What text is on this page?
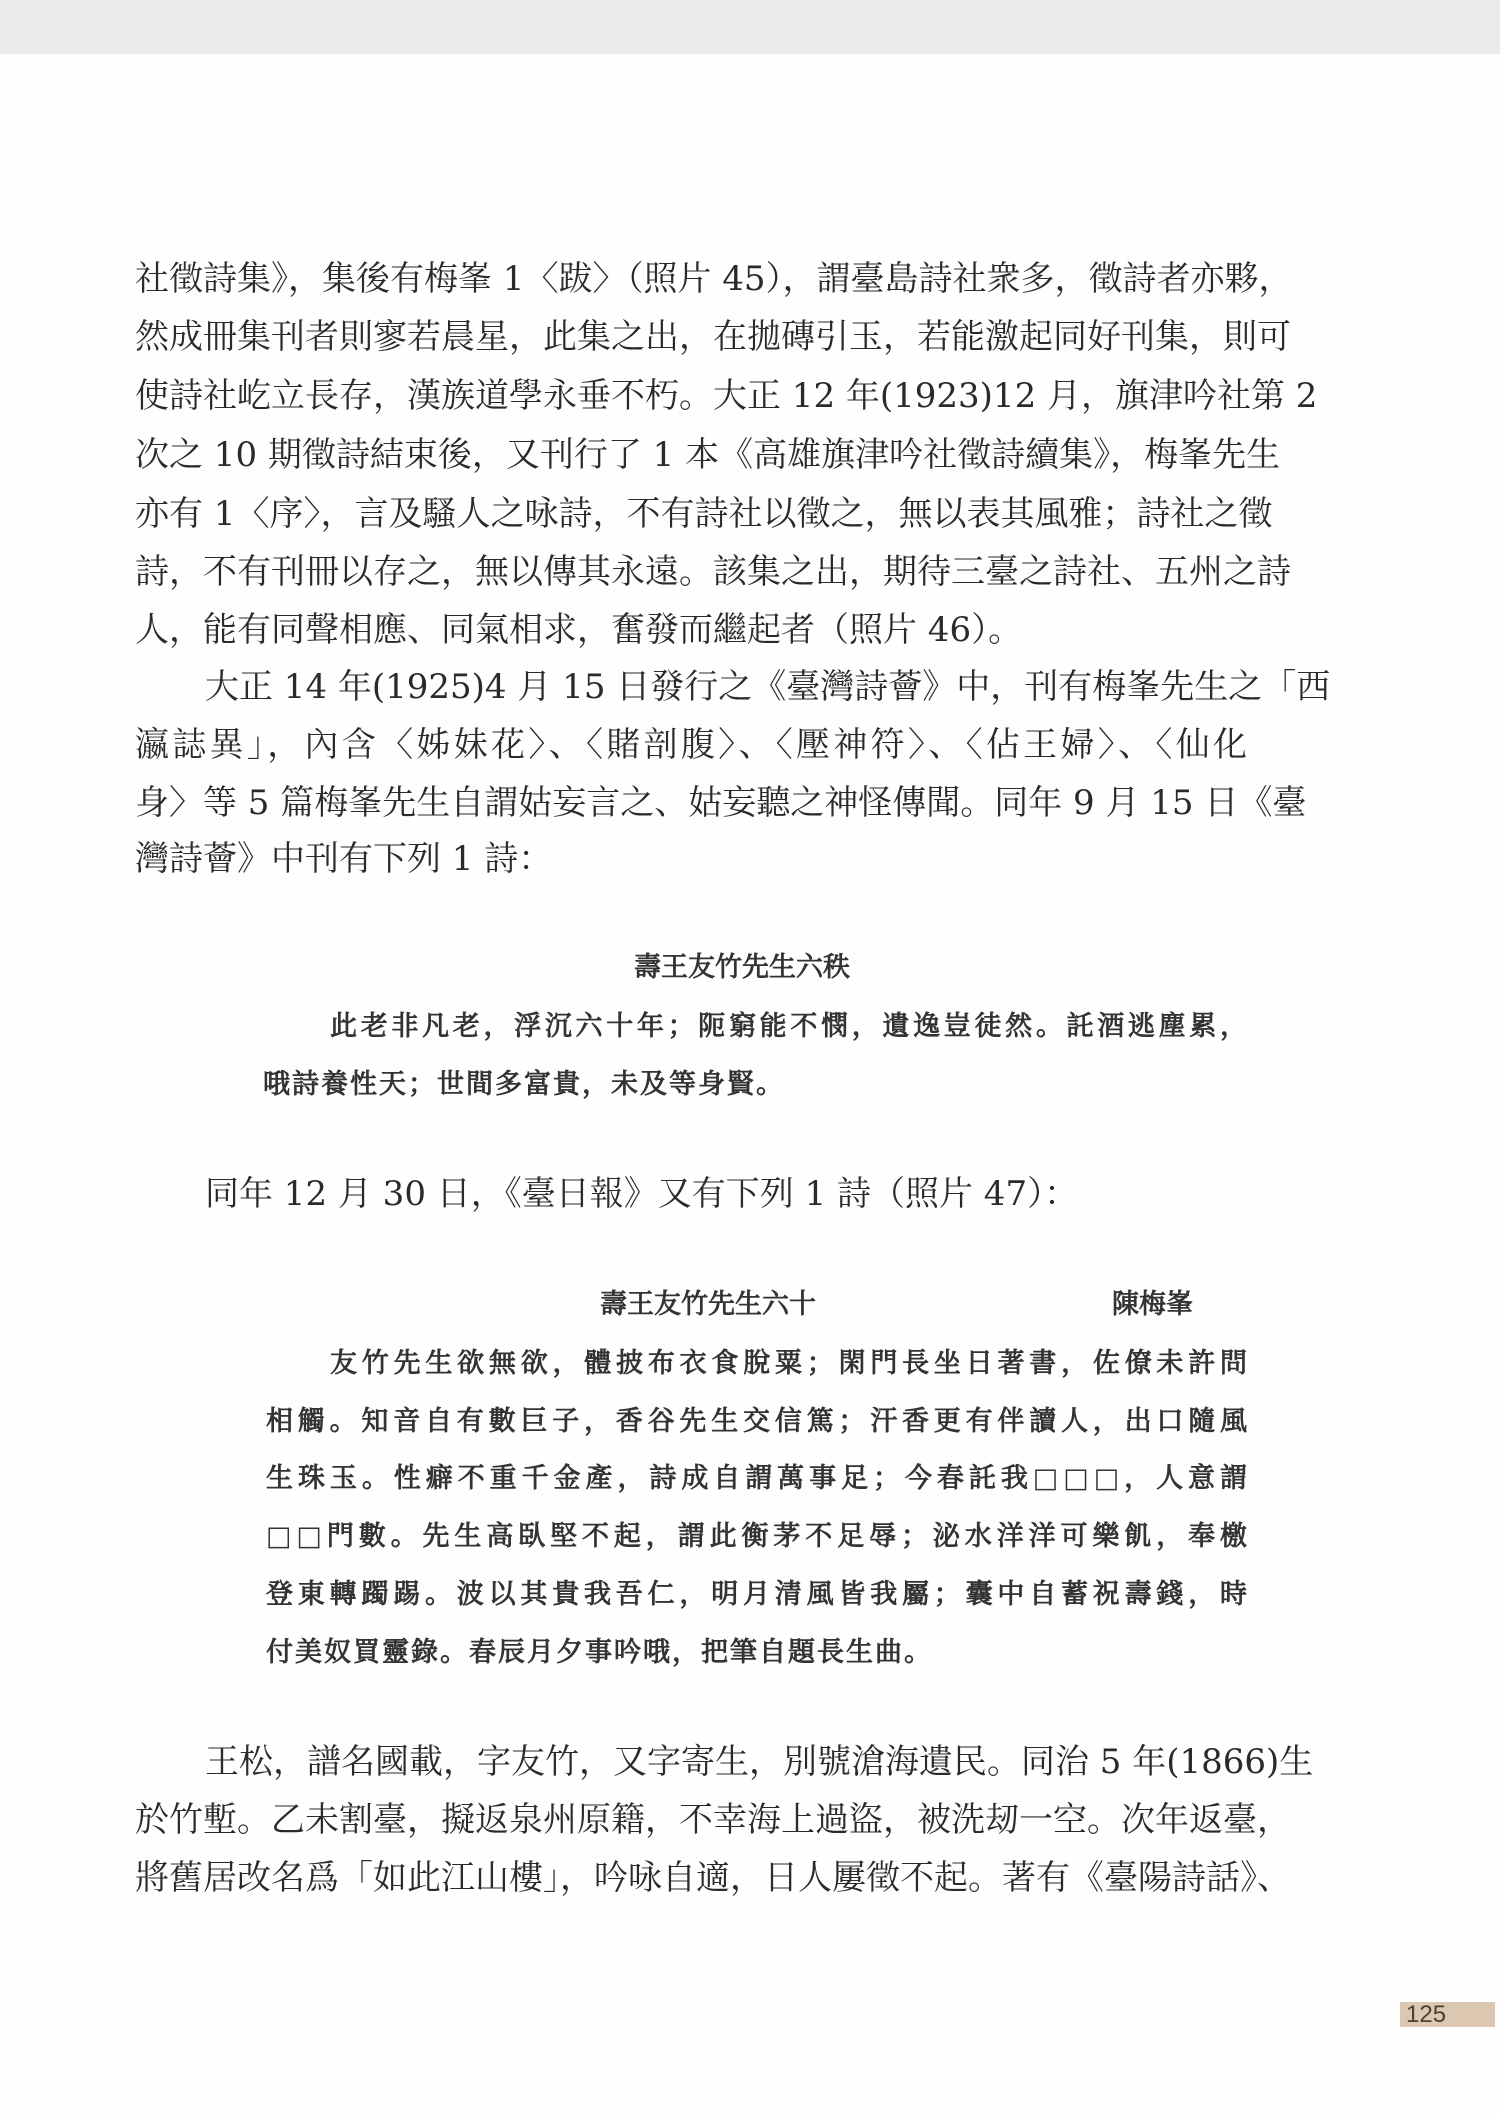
社徵詩集》，集後有梅峯 1〈跋〉（照片 45），謂臺島詩社衆多，徵詩者亦夥，
然成冊集刊者則寥若晨星，此集之出，在拋磚引玉，若能激起同好刊集，則可
使詩社屹立長存，漢族道學永垂不朽。大正 12 年(1923)12 月，旗津吟社第 2
次之 10 期徵詩結束後，又刊行了 1 本《高雄旗津吟社徵詩續集》，梅峯先生
亦有 1〈序〉，言及騷人之咏詩，不有詩社以徵之，無以表其風雅；詩社之徵
詩，不有刊冊以存之，無以傳其永遠。該集之出，期待三臺之詩社、五州之詩
人，能有同聲相應、同氣相求，奮發而繼起者（照片 46）。
大正 14 年(1925)4 月 15 日發行之《臺灣詩薈》中，刊有梅峯先生之「西
瀛誌異」，內含〈姊妹花〉、〈賭剖腹〉、〈壓神符〉、〈佔王婦〉、〈仙化
身〉等 5 篇梅峯先生自謂姑妄言之、姑妄聽之神怪傳聞。同年 9 月 15 日《臺
灣詩薈》中刊有下列 1 詩：
壽王友竹先生六秩
此老非凡老，浮沉六十年；阨窮能不憫，遺逸豈徒然。託酒逃塵累，
哦詩養性天；世間多富貴，未及等身賢。
同年 12 月 30 日，《臺日報》又有下列 1 詩（照片 47）：
壽王友竹先生六十	陳梅峯
友竹先生欲無欲，體披布衣食脫粟；閑門長坐日著書，佐僚未許問
相觸。知音自有數巨子，香谷先生交信篤；汗香更有伴讀人，出口隨風
生珠玉。性癖不重千金產，詩成自謂萬事足；今春託我□□□，人意謂
□□門數。先生高臥堅不起，謂此衡茅不足辱；泌水洋洋可樂飢，奉檄
登東轉躅踢。波以其貴我吾仁，明月清風皆我屬；囊中自蓄祝壽錢，時
付美奴買靈錄。春辰月夕事吟哦，把筆自題長生曲。
王松，譜名國載，字友竹，又字寄生，別號滄海遺民。同治 5 年(1866)生
於竹塹。乙未割臺，擬返泉州原籍，不幸海上過盜，被洗刼一空。次年返臺，
將舊居改名爲「如此江山樓」，吟咏自適，日人屢徵不起。著有《臺陽詩話》、
125
